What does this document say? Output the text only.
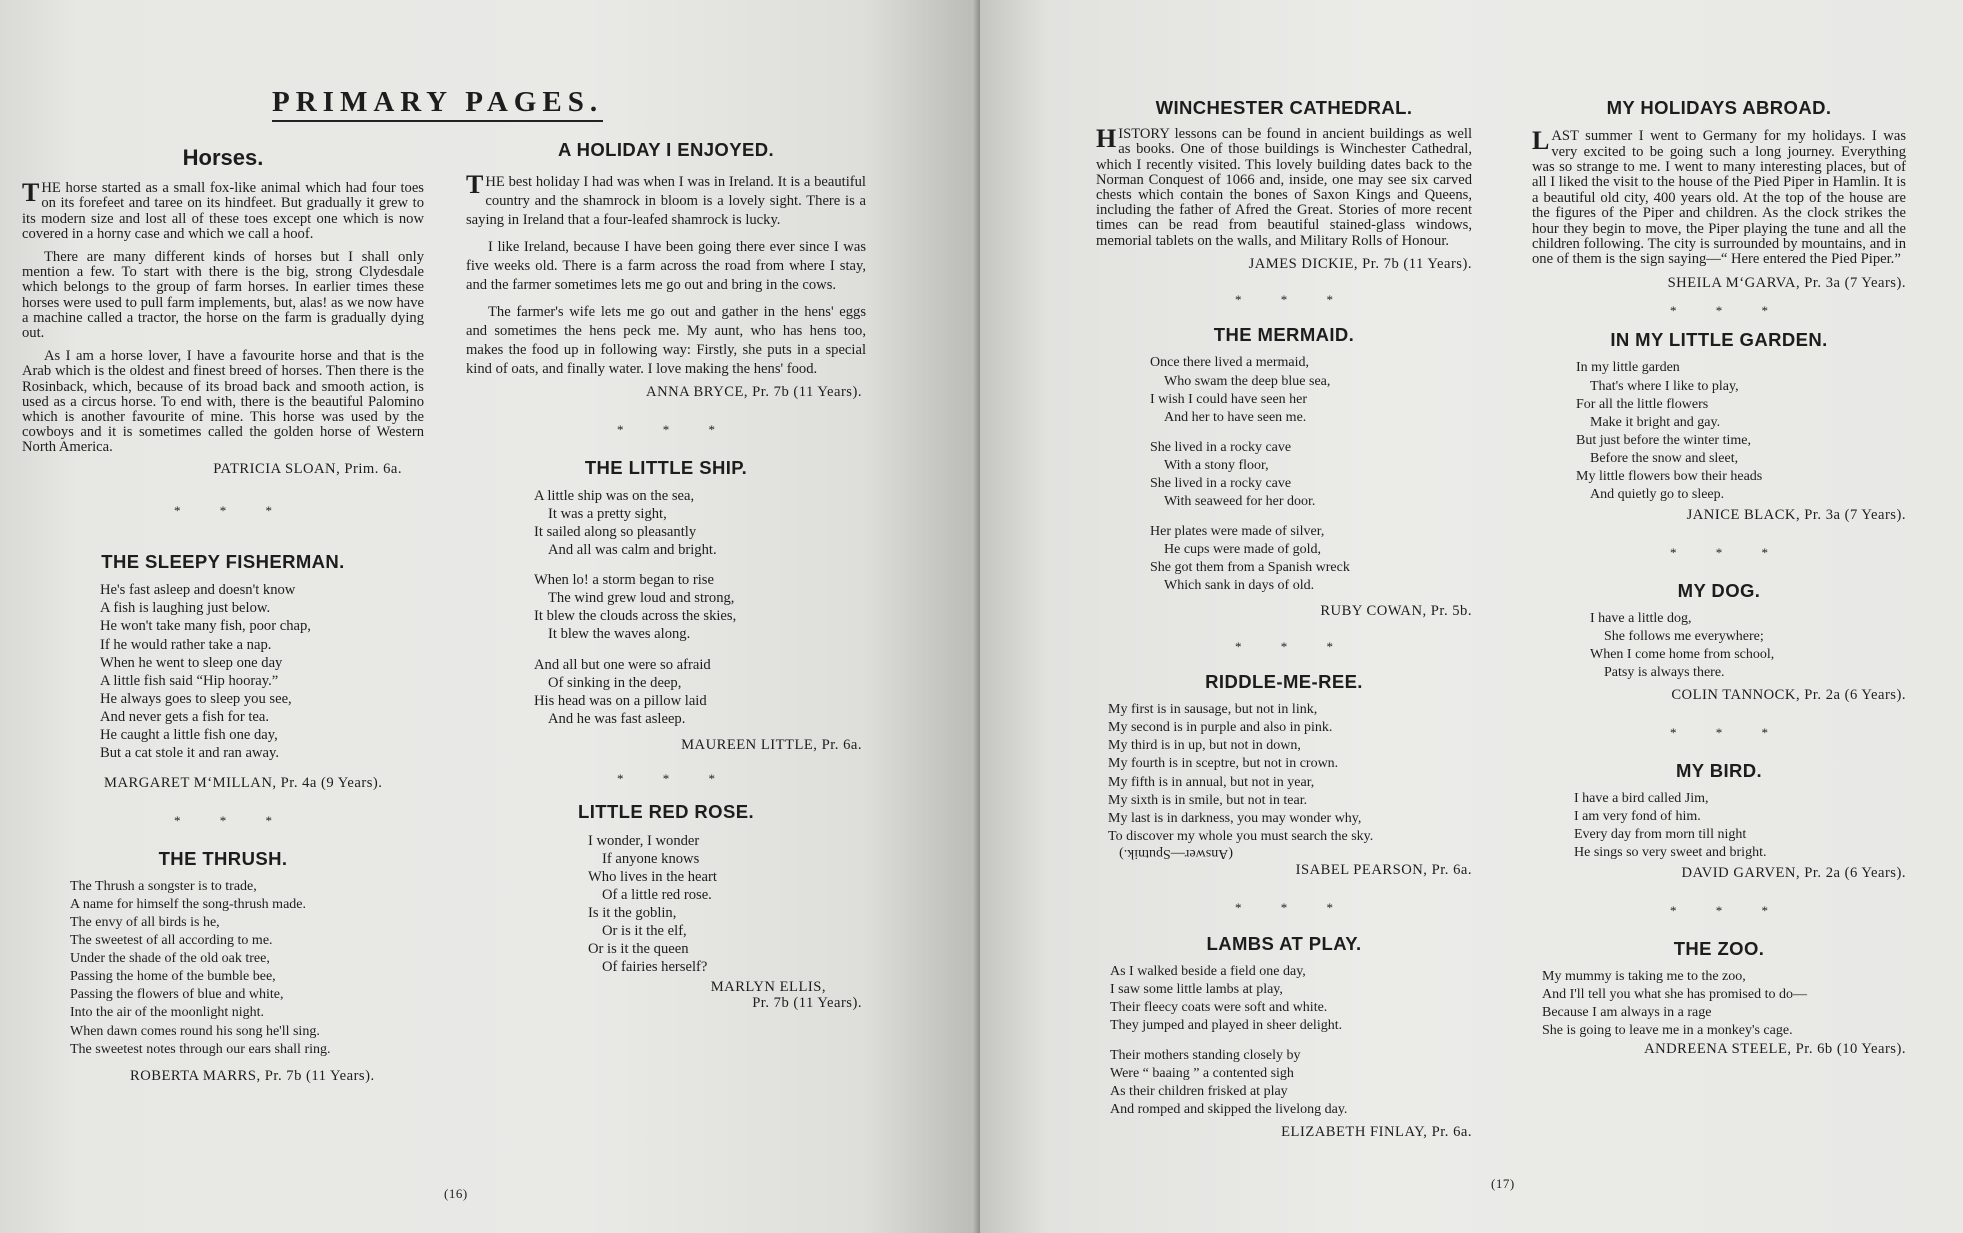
PRIMARY PAGES.
Horses.

THE horse started as a small fox-like animal which had four toes on its forefeet and taree on its hindfeet. But gradually it grew to its modern size and lost all of these toes except one which is now covered in a horny case and which we call a hoof.

There are many different kinds of horses but I shall only mention a few. To start with there is the big, strong Clydesdale which belongs to the group of farm horses. In earlier times these horses were used to pull farm implements, but, alas! as we now have a machine called a tractor, the horse on the farm is gradually dying out.

As I am a horse lover, I have a favourite horse and that is the Arab which is the oldest and finest breed of horses. Then there is the Rosinback, which, because of its broad back and smooth action, is used as a circus horse. To end with, there is the beautiful Palomino which is another favourite of mine. This horse was used by the cowboys and it is sometimes called the golden horse of Western North America.

PATRICIA SLOAN, Prim. 6a.
* * *
THE SLEEPY FISHERMAN.
He's fast asleep and doesn't know
A fish is laughing just below.
He won't take many fish, poor chap,
If he would rather take a nap.
When he went to sleep one day
A little fish said “Hip hooray.”
He always goes to sleep you see,
And never gets a fish for tea.
He caught a little fish one day,
But a cat stole it and ran away.
MARGARET M‘MILLAN, Pr. 4a (9 Years).
* * *
THE THRUSH.
The Thrush a songster is to trade,
A name for himself the song-thrush made.
The envy of all birds is he,
The sweetest of all according to me.
Under the shade of the old oak tree,
Passing the home of the bumble bee,
Passing the flowers of blue and white,
Into the air of the moonlight night.
When dawn comes round his song he'll sing.
The sweetest notes through our ears shall ring.
ROBERTA MARRS, Pr. 7b (11 Years).
A HOLIDAY I ENJOYED.

THE best holiday I had was when I was in Ireland. It is a beautiful country and the shamrock in bloom is a lovely sight. There is a saying in Ireland that a four-leafed shamrock is lucky.

I like Ireland, because I have been going there ever since I was five weeks old. There is a farm across the road from where I stay, and the farmer sometimes lets me go out and bring in the cows.

The farmer's wife lets me go out and gather in the hens' eggs and sometimes the hens peck me. My aunt, who has hens too, makes the food up in following way: Firstly, she puts in a special kind of oats, and finally water. I love making the hens' food.

ANNA BRYCE, Pr. 7b (11 Years).
* * *
THE LITTLE SHIP.
A little ship was on the sea,
It was a pretty sight,
It sailed along so pleasantly
And all was calm and bright.
When lo! a storm began to rise
The wind grew loud and strong,
It blew the clouds across the skies,
It blew the waves along.
And all but one were so afraid
Of sinking in the deep,
His head was on a pillow laid
And he was fast asleep.
MAUREEN LITTLE, Pr. 6a.
* * *
LITTLE RED ROSE.
I wonder, I wonder
If anyone knows
Who lives in the heart
Of a little red rose.
Is it the goblin,
Or is it the elf,
Or is it the queen
Of fairies herself?
MARLYN ELLIS,
Pr. 7b (11 Years).
(16)
WINCHESTER CATHEDRAL.

HISTORY lessons can be found in ancient buildings as well as books. One of those buildings is Winchester Cathedral, which I recently visited. This lovely building dates back to the Norman Conquest of 1066 and, inside, one may see six carved chests which contain the bones of Saxon Kings and Queens, including the father of Afred the Great. Stories of more recent times can be read from beautiful stained-glass windows, memorial tablets on the walls, and Military Rolls of Honour.

JAMES DICKIE, Pr. 7b (11 Years).
* * *
THE MERMAID.
Once there lived a mermaid,
Who swam the deep blue sea,
I wish I could have seen her
And her to have seen me.
She lived in a rocky cave
With a stony floor,
She lived in a rocky cave
With seaweed for her door.
Her plates were made of silver,
He cups were made of gold,
She got them from a Spanish wreck
Which sank in days of old.
RUBY COWAN, Pr. 5b.
* * *
RIDDLE-ME-REE.
My first is in sausage, but not in link,
My second is in purple and also in pink.
My third is in up, but not in down,
My fourth is in sceptre, but not in crown.
My fifth is in annual, but not in year,
My sixth is in smile, but not in tear.
My last is in darkness, you may wonder why,
To discover my whole you must search the sky.
(Answer—Sputnik.)
ISABEL PEARSON, Pr. 6a.
* * *
LAMBS AT PLAY.
As I walked beside a field one day,
I saw some little lambs at play,
Their fleecy coats were soft and white.
They jumped and played in sheer delight.
Their mothers standing closely by
Were “ baaing ” a contented sigh
As their children frisked at play
And romped and skipped the livelong day.
ELIZABETH FINLAY, Pr. 6a.
MY HOLIDAYS ABROAD.

LAST summer I went to Germany for my holidays. I was very excited to be going such a long journey. Everything was so strange to me. I went to many interesting places, but of all I liked the visit to the house of the Pied Piper in Hamlin. It is a beautiful old city, 400 years old. At the top of the house are the figures of the Piper and children. As the clock strikes the hour they begin to move, the Piper playing the tune and all the children following. The city is surrounded by mountains, and in one of them is the sign saying—“ Here entered the Pied Piper.”

SHEILA M‘GARVA, Pr. 3a (7 Years).
* * *
IN MY LITTLE GARDEN.
In my little garden
That's where I like to play,
For all the little flowers
Make it bright and gay.
But just before the winter time,
Before the snow and sleet,
My little flowers bow their heads
And quietly go to sleep.
JANICE BLACK, Pr. 3a (7 Years).
* * *
MY DOG.
I have a little dog,
She follows me everywhere;
When I come home from school,
Patsy is always there.
COLIN TANNOCK, Pr. 2a (6 Years).
* * *
MY BIRD.
I have a bird called Jim,
I am very fond of him.
Every day from morn till night
He sings so very sweet and bright.
DAVID GARVEN, Pr. 2a (6 Years).
* * *
THE ZOO.
My mummy is taking me to the zoo,
And I'll tell you what she has promised to do—
Because I am always in a rage
She is going to leave me in a monkey's cage.
ANDREENA STEELE, Pr. 6b (10 Years).
(17)
